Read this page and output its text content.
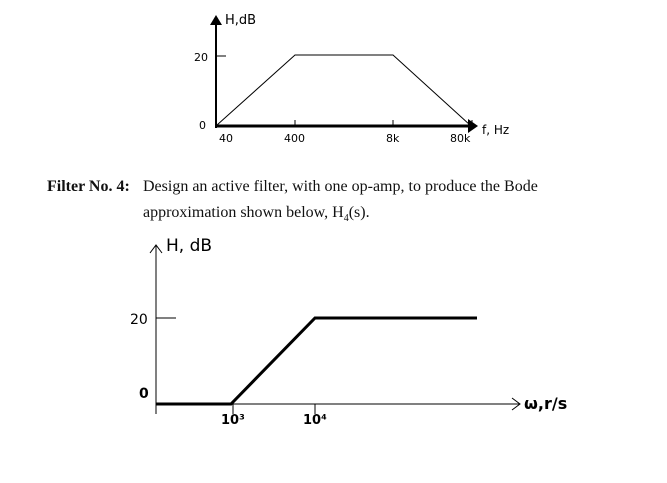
H,dB
20
0
40	400	8k	80k
f, Hz
Filter No. 4: Design an active filter, with one op-amp, to produce the Bode
approximation shown below, $H_4(s)$.
H, dB
20
0
10³	10⁴
ω,r/s
